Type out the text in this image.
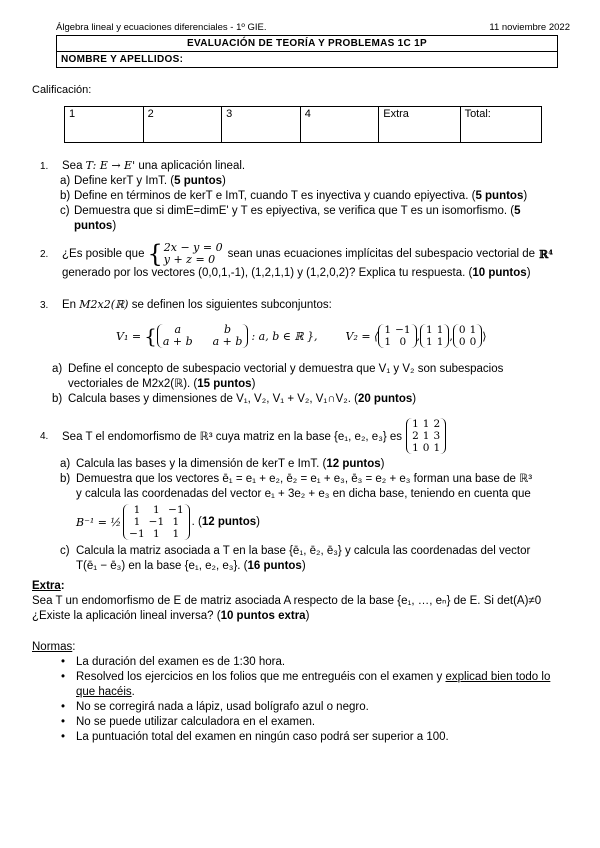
Álgebra lineal y ecuaciones diferenciales - 1º GIE.	11 noviembre 2022
EVALUACIÓN DE TEORÍA Y PROBLEMAS 1C 1P
NOMBRE Y APELLIDOS:
Calificación:
1	2	3	4	Extra	Total:
1. Sea T: E → E' una aplicación lineal.
a) Define kerT y ImT. (5 puntos)
b) Define en términos de kerT e ImT, cuando T es inyectiva y cuando epiyectiva. (5 puntos)
c) Demuestra que si dimE=dimE' y T es epiyectiva, se verifica que T es un isomorfismo. (5
puntos)
2.	¿Es posible que { 2x − y = 0
y + z = 0	sean unas ecuaciones implícitas del subespacio vectorial de ℝ⁴
generado por los vectores (0,0,1,-1), (1,2,1,1) y (1,2,0,2)? Explica tu respuesta. (10 puntos)
3. En M2x2(ℝ) se definen los siguientes subconjuntos:
V₁ = { a	b
a + b	a + b : a, b ∈ ℝ },	V₂ = ⟨ 1	−1
1	0 , 1	1
1	1 , 0	1
0	0 ⟩
a) Define el concepto de subespacio vectorial y demuestra que V₁ y V₂ son subespacios
vectoriales de M2x2(ℝ). (15 puntos)
b) Calcula bases y dimensiones de V₁, V₂, V₁ + V₂, V₁∩V₂. (20 puntos)
4.	Sea T el endomorfismo de ℝ³ cuya matriz en la base {e₁, e₂, e₃} es
1	1	2
2	1	3
1	0	1
a) Calcula las bases y la dimensión de kerT e ImT. (12 puntos)
b) Demuestra que los vectores ē₁ = e₁ + e₂, ē₂ = e₁ + e₃, ē₃ = e₂ + e₃ forman una base de ℝ³
y calcula las coordenadas del vector e₁ + 3e₂ + e₃ en dicha base, teniendo en cuenta que
B⁻¹ = ½
1	1	−1
1	−1	1
−1	1	1
. ( 12 puntos )
c) Calcula la matriz asociada a T en la base {ē₁, ē₂, ē₃} y calcula las coordenadas del vector
T(ē₁ − ē₃) en la base {e₁, e₂, e₃}. (16 puntos)
Extra:
Sea T un endomorfismo de E de matriz asociada A respecto de la base {e₁, …, eₙ} de E. Si det(A)≠0
¿Existe la aplicación lineal inversa? (10 puntos extra)
Normas:
• La duración del examen es de 1:30 hora.
• Resolved los ejercicios en los folios que me entreguéis con el examen y explicad bien todo lo
que hacéis.
• No se corregirá nada a lápiz, usad bolígrafo azul o negro.
• No se puede utilizar calculadora en el examen.
• La puntuación total del examen en ningún caso podrá ser superior a 100.
